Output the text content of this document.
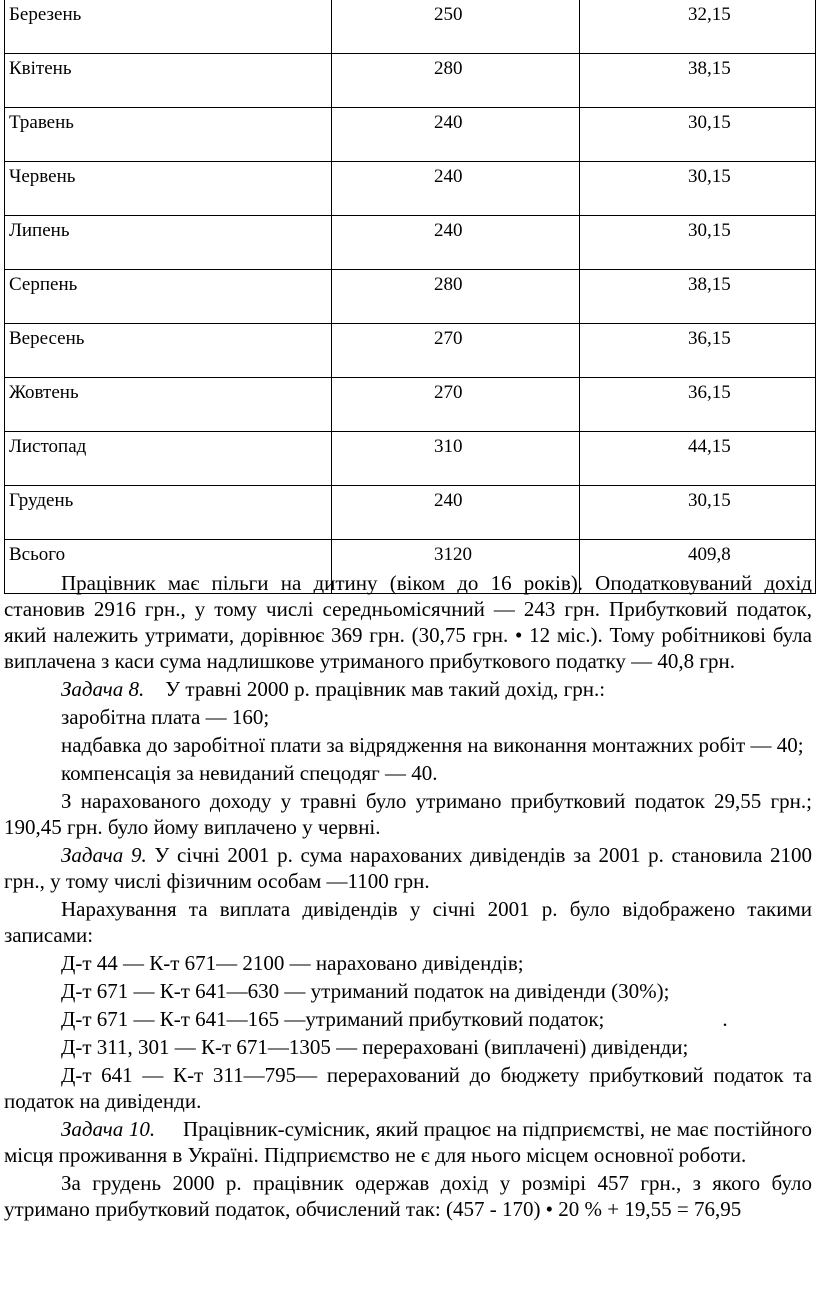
Березень	250	32,15
Квітень	280	38,15
Травень	240	30,15
Червень	240	30,15
Липень	240	30,15
Серпень	280	38,15
Вересень	270	36,15
Жовтень	270	36,15
Листопад	310	44,15
Грудень	240	30,15
Всього	3120	409,8

Працівник має пільги на дитину (віком до 16 років). Оподатковуваний дохід становив 2916 грн., у тому числі середньомісячний — 243 грн. Прибутковий податок, який належить утримати, дорівнює 369 грн. (30,75 грн. • 12 міс.). Тому робітникові була виплачена з каси сума надлишкове утриманого прибуткового податку — 40,8 грн.

Задача 8. У травні 2000 р. працівник мав такий дохід, грн.:

заробітна плата — 160;

надбавка до заробітної плати за відрядження на виконання монтажних робіт — 40;

компенсація за невиданий спецодяг — 40.

З нарахованого доходу у травні було утримано прибутковий податок 29,55 грн.; 190,45 грн. було йому виплачено у червні.

Задача 9. У січні 2001 р. сума нарахованих дивідендів за 2001 р. становила 2100 грн., у тому числі фізичним особам —1100 грн.

Нарахування та виплата дивідендів у січні 2001 р. було відображено такими записами:

Д-т 44 — К-т 671— 2100 — нараховано дивідендів;

Д-т 671 — К-т 641—630 — утриманий податок на дивіденди (30%);

Д-т 671 — К-т 641—165 —утриманий прибутковий податок;	.

Д-т 311, 301 — К-т 671—1305 — перераховані (виплачені) дивіденди;

Д-т 641 — К-т 311—795— перерахований до бюджету прибутковий податок та податок на дивіденди.

Задача 10. Працівник-сумісник, який працює на підприємстві, не має постійного місця проживання в Україні. Підприємство не є для нього місцем основної роботи.

За грудень 2000 р. працівник одержав дохід у розмірі 457 грн., з якого було утримано прибутковий податок, обчислений так: (457 - 170) • 20 % + 19,55 = 76,95
